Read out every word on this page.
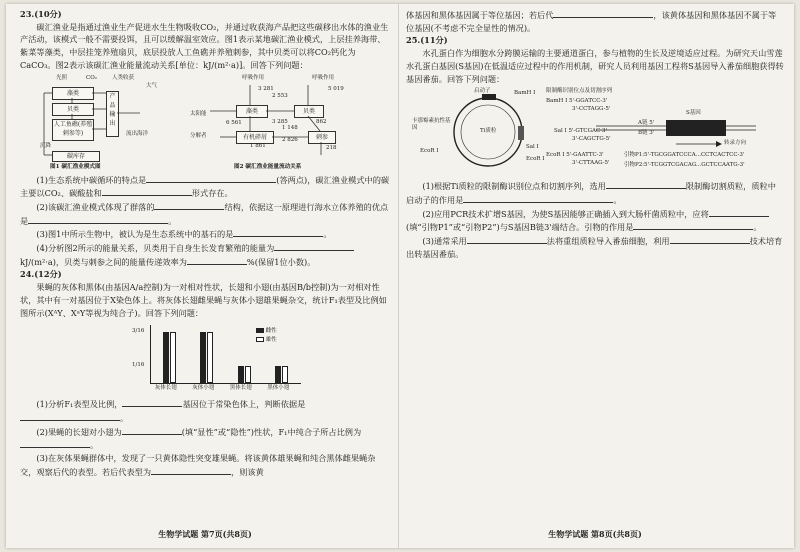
23.(10分)

碳汇渔业是指通过渔业生产促进水生生物吸收CO₂，并通过收获海产品把这些碳移出水体的渔业生产活动，该模式一般不需要投饵，且可以缓解温室效应。图1表示某地碳汇渔业模式，上层挂养海带、紫菜等藻类，中层挂笼养殖扇贝，底层投放人工鱼礁并养殖刺参，其中贝类可以将CO₂钙化为CaCO₃。图2表示该碳汇渔业能量流动关系[单位：kJ/(m²·a)]。回答下列问题：

光照	CO₂	人类收获
大气
藻类
贝类
人工鱼礁(养殖刺参等)
产品 输出
流出海洋
沉降
碳库存
图1 碳汇渔业模式图
呼吸作用	呼吸作用
3 281
2 553
5 019
太阳能	藻类	贝类
6 561	3 285	862
分解者	有机碎屑	刺参
1 861
2 826
1 148
218
图2 碳汇渔业能量流动关系

(1)生态系统中碳循环的特点是	(答两点)，碳汇渔业模式中的碳主要以CO₂、碳酸盐和	形式存在。

(2)该碳汇渔业模式体现了群落的	结构，依据这一原理进行海水立体养殖的优点是	。

(3)图1中所示生物中，被认为是生态系统中的基石的是	。

(4)分析图2所示的能量关系，贝类用于自身生长发育繁殖的能量为kJ/(m²·a)，贝类与刺参之间的能量传递效率为	%(保留1位小数)。

24.(12分)

果蝇的灰体和黑体(由基因A/a控制)为一对相对性状，长翅和小翅(由基因B/b控制)为一对相对性状，其中有一对基因位于X染色体上。将灰体长翅雌果蝇与灰体小翅雄果蝇杂交，统计F₁表型及比例如图所示(XᴬY、XᵃY等视为纯合子)。回答下列问题：

3/16
1/16
雌性
雄性
灰体长翅	灰体小翅	黑体长翅	黑体小翅

(1)分析F₁表型及比例，	基因位于常染色体上，判断依据是。

(2)果蝇的长翅对小翅为	(填“显性”或“隐性”)性状，F₁中纯合子所占比例为。

(3)在灰体果蝇群体中，发现了一只黄体隐性突变雄果蝇。将该黄体雄果蝇和纯合黑体雌果蝇杂交，观察后代的表型。若后代表型为	，则该黄

生物学试题 第7页(共8页)

体基因和黑体基因属于等位基因；若后代	，该黄体基因和黑体基因不属于等位基因(不考虑不完全显性的情况)。

25.(11分)

水孔蛋白作为细胞水分跨膜运输的主要通道蛋白，参与植物的生长及逆境适应过程。为研究天山雪莲水孔蛋白基因(S基因)在低温适应过程中的作用机制，研究人员利用基因工程将S基因导入番茄细胞获得转基因番茄。回答下列问题：

启动子	BamH I
Ti质粒
卡那霉素抗性基因
EcoR I
Sal I
EcoR I
限制酶识别位点及切割序列
BamH I 5'-GGATCC-3'
3'-CCTAGG-5'
Sal I 5'-GTCGAC-3'
3'-CAGCTG-5'
EcoR I 5'-GAATTC-3'
3'-CTTAAG-5'
S基因
A链 5'
B链 3'
转录方向
引物P1:5'-TGCGGATCCCA...CCTCACTCC-3'
引物P2:5'-TCGGTCGACAG...GCTCCAATG-3'

(1)根据Ti质粒的限制酶识别位点和切割序列，选用	限制酶切割质粒，质粒中启动子的作用是	。

(2)应用PCR技术扩增S基因，为使S基因能够正确插入到大肠杆菌质粒中，应将(填“引物P1”或“引物P2”)与S基因B链3'端结合。引物的作用是	。

(3)通常采用	法将重组质粒导入番茄细胞，利用	技术培育出转基因番茄。

生物学试题 第8页(共8页)
